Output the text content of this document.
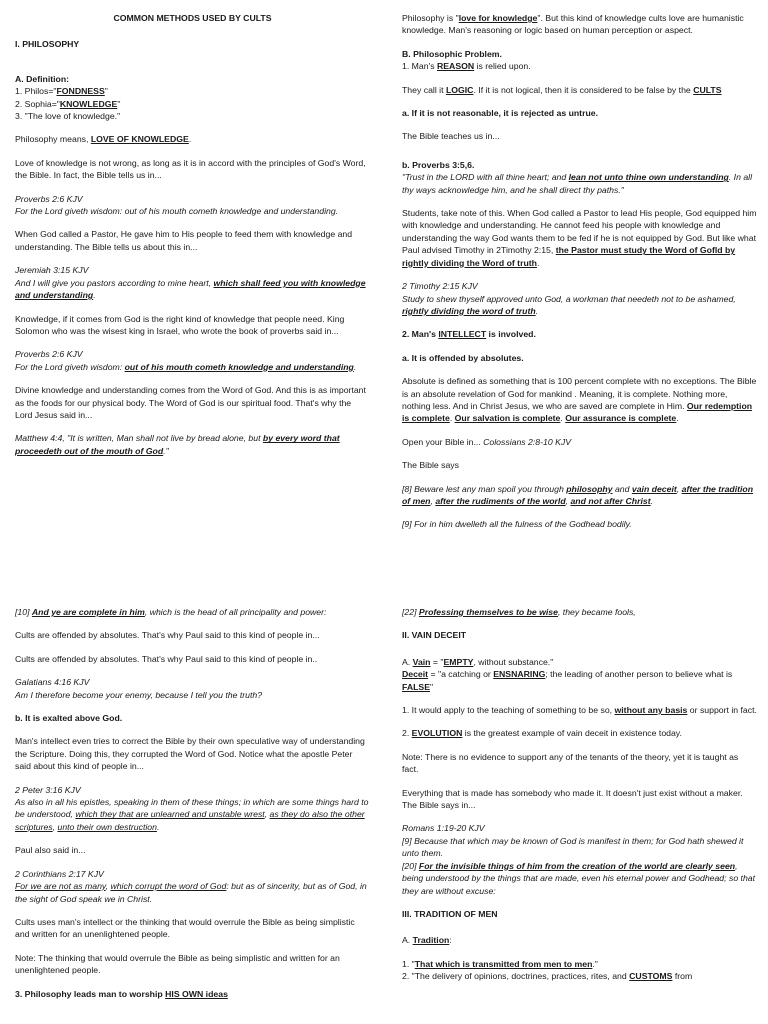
COMMON METHODS USED BY CULTS

I. PHILOSOPHY

A. Definition:
1. Philos="FONDNESS"
2. Sophia="KNOWLEDGE"
3. "The love of knowledge."

Philosophy means, LOVE OF KNOWLEDGE.

Love of knowledge is not wrong, as long as it is in accord with the principles of God's Word, the Bible. In fact, the Bible tells us in...

Proverbs 2:6 KJV
For the Lord giveth wisdom: out of his mouth cometh knowledge and understanding.

When God called a Pastor, He gave him to His people to feed them with knowledge and understanding. The Bible tells us about this in...

Jeremiah 3:15 KJV
And I will give you pastors according to mine heart, which shall feed you with knowledge and understanding.

Knowledge, if it comes from God is the right kind of knowledge that people need. King Solomon who was the wisest king in Israel, who wrote the book of proverbs said in...

Proverbs 2:6 KJV
For the Lord giveth wisdom: out of his mouth cometh knowledge and understanding.

Divine knowledge and understanding comes from the Word of God. And this is as important as the foods for our physical body. The Word of God is our spiritual food. That's why the Lord Jesus said in...

Matthew 4:4, "It is written, Man shall not live by bread alone, but by every word that proceedeth out of the mouth of God."

Philosophy is "love for knowledge". But this kind of knowledge cults love are humanistic knowledge. Man's reasoning or logic based on human perception or aspect.

B. Philosophic Problem.
1. Man's REASON is relied upon.

They call it LOGIC. If it is not logical, then it is considered to be false by the CULTS

a. If it is not reasonable, it is rejected as untrue.

The Bible teaches us in...

b. Proverbs 3:5,6.
"Trust in the LORD with all thine heart; and lean not unto thine own understanding. In all thy ways acknowledge him, and he shall direct thy paths."

Students, take note of this. When God called a Pastor to lead His people, God equipped him with knowledge and understanding. He cannot feed his people with knowledge and understanding the way God wants them to be fed if he is not equipped by God. But like what Paul advised Timothy in 2Timothy 2:15, the Pastor must study the Word of Gofld by rightly dividing the Word of truth.

2 Timothy 2:15 KJV
Study to shew thyself approved unto God, a workman that needeth not to be ashamed, rightly dividing the word of truth.

2. Man's INTELLECT is involved.

a. It is offended by absolutes.

Absolute is defined as something that is 100 percent complete with no exceptions. The Bible is an absolute revelation of God for mankind . Meaning, it is complete. Nothing more, nothing less. And in Christ Jesus, we who are saved are complete in Him. Our redemption is complete. Our salvation is complete. Our assurance is complete.

Open your Bible in... Colossians 2:8-10 KJV

The Bible says

[8] Beware lest any man spoil you through philosophy and vain deceit, after the tradition of men, after the rudiments of the world, and not after Christ.

[9] For in him dwelleth all the fulness of the Godhead bodily.

[10] And ye are complete in him, which is the head of all principality and power:

Cults are offended by absolutes. That's why Paul said to this kind of people in...

Cults are offended by absolutes. That's why Paul said to this kind of people in..

Galatians 4:16 KJV
Am I therefore become your enemy, because I tell you the truth?

b. It is exalted above God.

Man's intellect even tries to correct the Bible by their own speculative way of understanding the Scripture. Doing this, they corrupted the Word of God. Notice what the apostle Peter said about this kind of people in...

2 Peter 3:16 KJV
As also in all his epistles, speaking in them of these things; in which are some things hard to be understood, which they that are unlearned and unstable wrest, as they do also the other scriptures, unto their own destruction.

Paul also said in...

2 Corinthians 2:17 KJV
For we are not as many, which corrupt the word of God: but as of sincerity, but as of God, in the sight of God speak we in Christ.

Cults uses man's intellect or the thinking that would overrule the Bible as being simplistic and written for an unenlightened people.

Note: The thinking that would overrule the Bible as being simplistic and written for an unenlightened people.

3. Philosophy leads man to worship HIS OWN ideas

[22] Professing themselves to be wise, they became fools,

II. VAIN DECEIT

A. Vain = "EMPTY, without substance."
Deceit = "a catching or ENSNARING; the leading of another person to believe what is FALSE"

1. It would apply to the teaching of something to be so, without any basis or support in fact.

2. EVOLUTION is the greatest example of vain deceit in existence today.

Note: There is no evidence to support any of the tenants of the theory, yet it is taught as fact.

Everything that is made has somebody who made it. It doesn't just exist without a maker. The Bible says in...

Romans 1:19-20 KJV
[9] Because that which may be known of God is manifest in them; for God hath shewed it unto them.
[20] For the invisible things of him from the creation of the world are clearly seen, being understood by the things that are made, even his eternal power and Godhead; so that they are without excuse:

III. TRADITION OF MEN

A. Tradition:

1. "That which is transmitted from men to men."
2. "The delivery of opinions, doctrines, practices, rites, and CUSTOMS from
